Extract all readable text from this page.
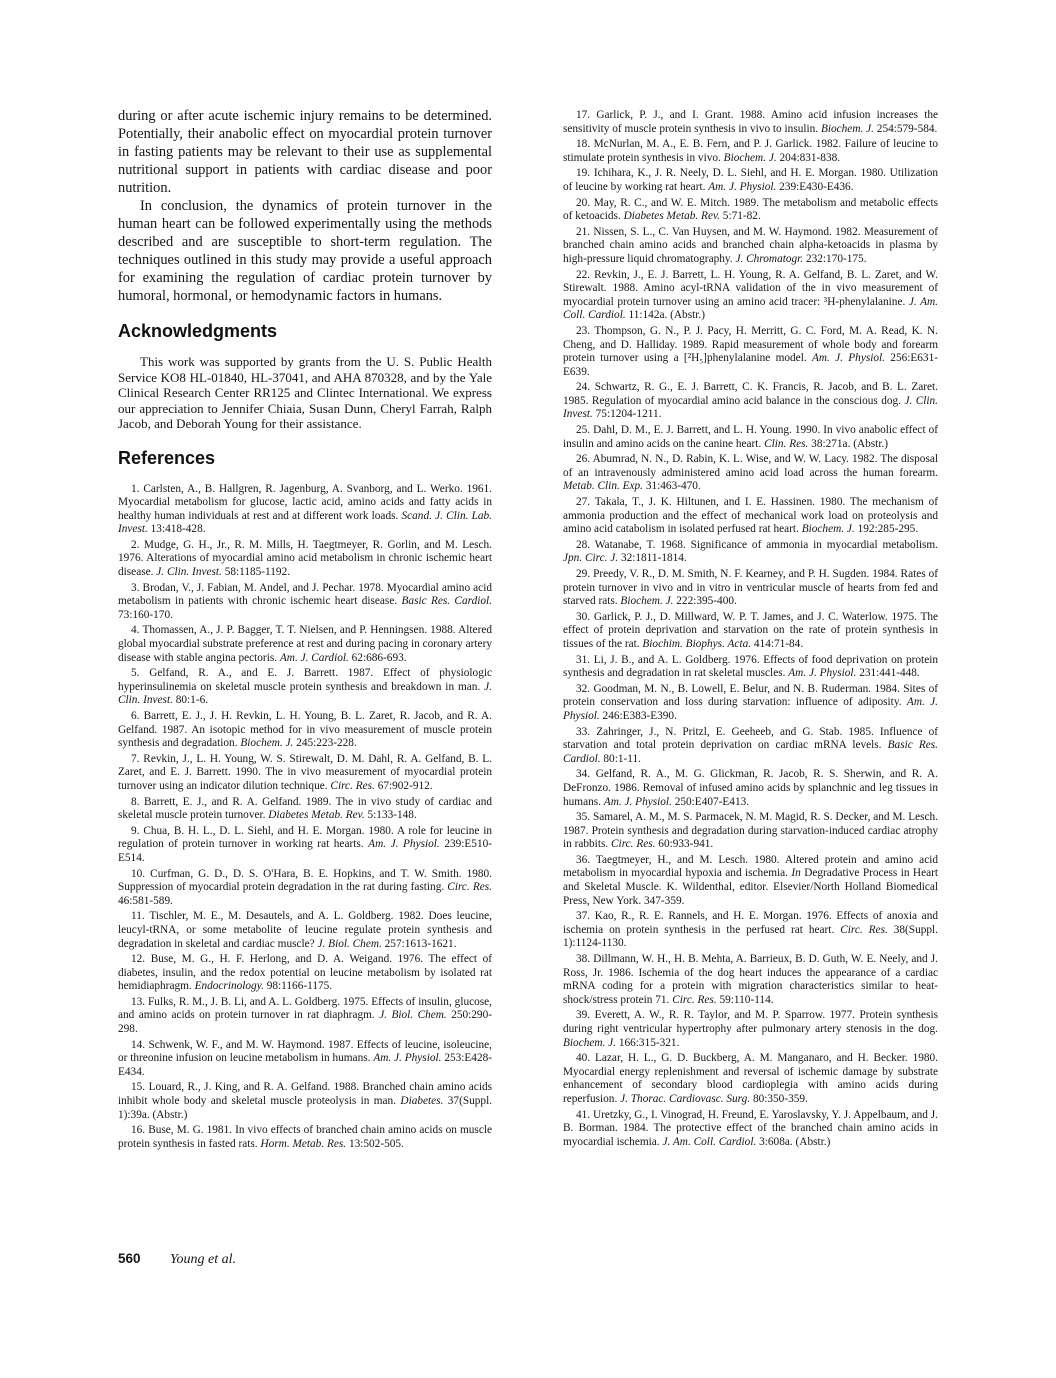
during or after acute ischemic injury remains to be determined. Potentially, their anabolic effect on myocardial protein turnover in fasting patients may be relevant to their use as supplemental nutritional support in patients with cardiac disease and poor nutrition.

In conclusion, the dynamics of protein turnover in the human heart can be followed experimentally using the methods described and are susceptible to short-term regulation. The techniques outlined in this study may provide a useful approach for examining the regulation of cardiac protein turnover by humoral, hormonal, or hemodynamic factors in humans.

Acknowledgments

This work was supported by grants from the U. S. Public Health Service KO8 HL-01840, HL-37041, and AHA 870328, and by the Yale Clinical Research Center RR125 and Clintec International. We express our appreciation to Jennifer Chiaia, Susan Dunn, Cheryl Farrah, Ralph Jacob, and Deborah Young for their assistance.

References

1. Carlsten, A., B. Hallgren, R. Jagenburg, A. Svanborg, and L. Werko. 1961. Myocardial metabolism for glucose, lactic acid, amino acids and fatty acids in healthy human individuals at rest and at different work loads. Scand. J. Clin. Lab. Invest. 13:418-428.

2. Mudge, G. H., Jr., R. M. Mills, H. Taegtmeyer, R. Gorlin, and M. Lesch. 1976. Alterations of myocardial amino acid metabolism in chronic ischemic heart disease. J. Clin. Invest. 58:1185-1192.

3. Brodan, V., J. Fabian, M. Andel, and J. Pechar. 1978. Myocardial amino acid metabolism in patients with chronic ischemic heart disease. Basic Res. Cardiol. 73:160-170.

4. Thomassen, A., J. P. Bagger, T. T. Nielsen, and P. Henningsen. 1988. Altered global myocardial substrate preference at rest and during pacing in coronary artery disease with stable angina pectoris. Am. J. Cardiol. 62:686-693.

5. Gelfand, R. A., and E. J. Barrett. 1987. Effect of physiologic hyperinsulinemia on skeletal muscle protein synthesis and breakdown in man. J. Clin. Invest. 80:1-6.

6. Barrett, E. J., J. H. Revkin, L. H. Young, B. L. Zaret, R. Jacob, and R. A. Gelfand. 1987. An isotopic method for in vivo measurement of muscle protein synthesis and degradation. Biochem. J. 245:223-228.

7. Revkin, J., L. H. Young, W. S. Stirewalt, D. M. Dahl, R. A. Gelfand, B. L. Zaret, and E. J. Barrett. 1990. The in vivo measurement of myocardial protein turnover using an indicator dilution technique. Circ. Res. 67:902-912.

8. Barrett, E. J., and R. A. Gelfand. 1989. The in vivo study of cardiac and skeletal muscle protein turnover. Diabetes Metab. Rev. 5:133-148.

9. Chua, B. H. L., D. L. Siehl, and H. E. Morgan. 1980. A role for leucine in regulation of protein turnover in working rat hearts. Am. J. Physiol. 239:E510-E514.

10. Curfman, G. D., D. S. O'Hara, B. E. Hopkins, and T. W. Smith. 1980. Suppression of myocardial protein degradation in the rat during fasting. Circ. Res. 46:581-589.

11. Tischler, M. E., M. Desautels, and A. L. Goldberg. 1982. Does leucine, leucyl-tRNA, or some metabolite of leucine regulate protein synthesis and degradation in skeletal and cardiac muscle? J. Biol. Chem. 257:1613-1621.

12. Buse, M. G., H. F. Herlong, and D. A. Weigand. 1976. The effect of diabetes, insulin, and the redox potential on leucine metabolism by isolated rat hemidiaphragm. Endocrinology. 98:1166-1175.

13. Fulks, R. M., J. B. Li, and A. L. Goldberg. 1975. Effects of insulin, glucose, and amino acids on protein turnover in rat diaphragm. J. Biol. Chem. 250:290-298.

14. Schwenk, W. F., and M. W. Haymond. 1987. Effects of leucine, isoleucine, or threonine infusion on leucine metabolism in humans. Am. J. Physiol. 253:E428-E434.

15. Louard, R., J. King, and R. A. Gelfand. 1988. Branched chain amino acids inhibit whole body and skeletal muscle proteolysis in man. Diabetes. 37(Suppl. 1):39a. (Abstr.)

16. Buse, M. G. 1981. In vivo effects of branched chain amino acids on muscle protein synthesis in fasted rats. Horm. Metab. Res. 13:502-505.

17. Garlick, P. J., and I. Grant. 1988. Amino acid infusion increases the sensitivity of muscle protein synthesis in vivo to insulin. Biochem. J. 254:579-584.

18. McNurlan, M. A., E. B. Fern, and P. J. Garlick. 1982. Failure of leucine to stimulate protein synthesis in vivo. Biochem. J. 204:831-838.

19. Ichihara, K., J. R. Neely, D. L. Siehl, and H. E. Morgan. 1980. Utilization of leucine by working rat heart. Am. J. Physiol. 239:E430-E436.

20. May, R. C., and W. E. Mitch. 1989. The metabolism and metabolic effects of ketoacids. Diabetes Metab. Rev. 5:71-82.

21. Nissen, S. L., C. Van Huysen, and M. W. Haymond. 1982. Measurement of branched chain amino acids and branched chain alpha-ketoacids in plasma by high-pressure liquid chromatography. J. Chromatogr. 232:170-175.

22. Revkin, J., E. J. Barrett, L. H. Young, R. A. Gelfand, B. L. Zaret, and W. Stirewalt. 1988. Amino acyl-tRNA validation of the in vivo measurement of myocardial protein turnover using an amino acid tracer: ³H-phenylalanine. J. Am. Coll. Cardiol. 11:142a. (Abstr.)

23. Thompson, G. N., P. J. Pacy, H. Merritt, G. C. Ford, M. A. Read, K. N. Cheng, and D. Halliday. 1989. Rapid measurement of whole body and forearm protein turnover using a [²H₅]phenylalanine model. Am. J. Physiol. 256:E631-E639.

24. Schwartz, R. G., E. J. Barrett, C. K. Francis, R. Jacob, and B. L. Zaret. 1985. Regulation of myocardial amino acid balance in the conscious dog. J. Clin. Invest. 75:1204-1211.

25. Dahl, D. M., E. J. Barrett, and L. H. Young. 1990. In vivo anabolic effect of insulin and amino acids on the canine heart. Clin. Res. 38:271a. (Abstr.)

26. Abumrad, N. N., D. Rabin, K. L. Wise, and W. W. Lacy. 1982. The disposal of an intravenously administered amino acid load across the human forearm. Metab. Clin. Exp. 31:463-470.

27. Takala, T., J. K. Hiltunen, and I. E. Hassinen. 1980. The mechanism of ammonia production and the effect of mechanical work load on proteolysis and amino acid catabolism in isolated perfused rat heart. Biochem. J. 192:285-295.

28. Watanabe, T. 1968. Significance of ammonia in myocardial metabolism. Jpn. Circ. J. 32:1811-1814.

29. Preedy, V. R., D. M. Smith, N. F. Kearney, and P. H. Sugden. 1984. Rates of protein turnover in vivo and in vitro in ventricular muscle of hearts from fed and starved rats. Biochem. J. 222:395-400.

30. Garlick, P. J., D. Millward, W. P. T. James, and J. C. Waterlow. 1975. The effect of protein deprivation and starvation on the rate of protein synthesis in tissues of the rat. Biochim. Biophys. Acta. 414:71-84.

31. Li, J. B., and A. L. Goldberg. 1976. Effects of food deprivation on protein synthesis and degradation in rat skeletal muscles. Am. J. Physiol. 231:441-448.

32. Goodman, M. N., B. Lowell, E. Belur, and N. B. Ruderman. 1984. Sites of protein conservation and loss during starvation: influence of adiposity. Am. J. Physiol. 246:E383-E390.

33. Zahringer, J., N. Pritzl, E. Geeheeb, and G. Stab. 1985. Influence of starvation and total protein deprivation on cardiac mRNA levels. Basic Res. Cardiol. 80:1-11.

34. Gelfand, R. A., M. G. Glickman, R. Jacob, R. S. Sherwin, and R. A. DeFronzo. 1986. Removal of infused amino acids by splanchnic and leg tissues in humans. Am. J. Physiol. 250:E407-E413.

35. Samarel, A. M., M. S. Parmacek, N. M. Magid, R. S. Decker, and M. Lesch. 1987. Protein synthesis and degradation during starvation-induced cardiac atrophy in rabbits. Circ. Res. 60:933-941.

36. Taegtmeyer, H., and M. Lesch. 1980. Altered protein and amino acid metabolism in myocardial hypoxia and ischemia. In Degradative Process in Heart and Skeletal Muscle. K. Wildenthal, editor. Elsevier/North Holland Biomedical Press, New York. 347-359.

37. Kao, R., R. E. Rannels, and H. E. Morgan. 1976. Effects of anoxia and ischemia on protein synthesis in the perfused rat heart. Circ. Res. 38(Suppl. 1):1124-1130.

38. Dillmann, W. H., H. B. Mehta, A. Barrieux, B. D. Guth, W. E. Neely, and J. Ross, Jr. 1986. Ischemia of the dog heart induces the appearance of a cardiac mRNA coding for a protein with migration characteristics similar to heat-shock/stress protein 71. Circ. Res. 59:110-114.

39. Everett, A. W., R. R. Taylor, and M. P. Sparrow. 1977. Protein synthesis during right ventricular hypertrophy after pulmonary artery stenosis in the dog. Biochem. J. 166:315-321.

40. Lazar, H. L., G. D. Buckberg, A. M. Manganaro, and H. Becker. 1980. Myocardial energy replenishment and reversal of ischemic damage by substrate enhancement of secondary blood cardioplegia with amino acids during reperfusion. J. Thorac. Cardiovasc. Surg. 80:350-359.

41. Uretzky, G., I. Vinograd, H. Freund, E. Yaroslavsky, Y. J. Appelbaum, and J. B. Borman. 1984. The protective effect of the branched chain amino acids in myocardial ischemia. J. Am. Coll. Cardiol. 3:608a. (Abstr.)

560 Young et al.
